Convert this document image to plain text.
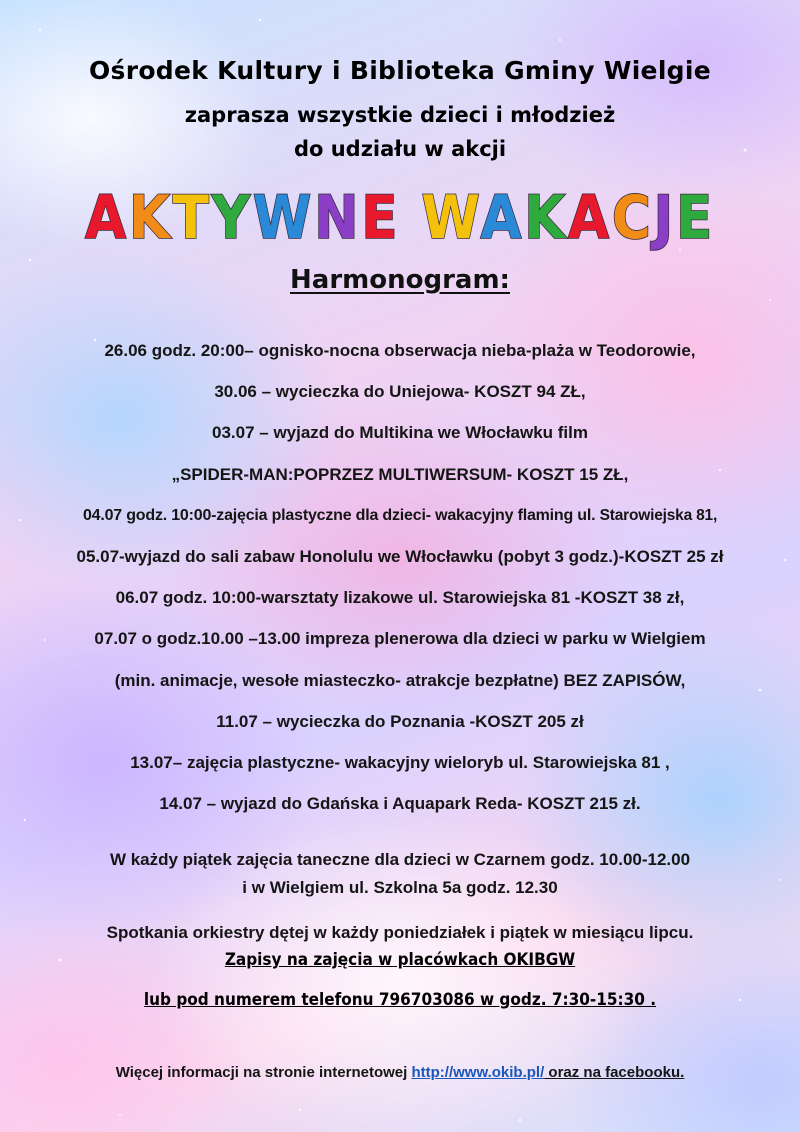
Ośrodek Kultury i Biblioteka Gminy Wielgie
zaprasza wszystkie dzieci i młodzież
do udziału w akcji
AKTYWNE WAKACJE
Harmonogram:
26.06 godz. 20:00– ognisko-nocna obserwacja nieba-plaża w Teodorowie,
30.06 – wycieczka do Uniejowa- KOSZT 94 ZŁ,
03.07 – wyjazd do Multikina we Włocławku film
„SPIDER-MAN:POPRZEZ MULTIWERSUM- KOSZT 15 ZŁ,
04.07 godz. 10:00-zajęcia plastyczne dla dzieci- wakacyjny flaming ul. Starowiejska 81,
05.07-wyjazd do sali zabaw Honolulu we Włocławku (pobyt 3 godz.)-KOSZT 25 zł
06.07 godz. 10:00-warsztaty lizakowe ul. Starowiejska 81 -KOSZT 38 zł,
07.07 o godz.10.00 –13.00 impreza plenerowa dla dzieci w parku w Wielgiem
(min. animacje, wesołe miasteczko- atrakcje bezpłatne) BEZ ZAPISÓW,
11.07 – wycieczka do Poznania -KOSZT 205 zł
13.07– zajęcia plastyczne- wakacyjny wieloryb ul. Starowiejska 81 ,
14.07 – wyjazd do Gdańska i Aquapark Reda- KOSZT 215 zł.
W każdy piątek zajęcia taneczne dla dzieci w Czarnem godz. 10.00-12.00
i w Wielgiem ul. Szkolna 5a godz. 12.30
Spotkania orkiestry dętej w każdy poniedziałek i piątek w miesiącu lipcu.
Zapisy na zajęcia w placówkach OKIBGW
lub pod numerem telefonu 796703086 w godz. 7:30-15:30 .
Więcej informacji na stronie internetowej http://www.okib.pl/ oraz na facebooku.
